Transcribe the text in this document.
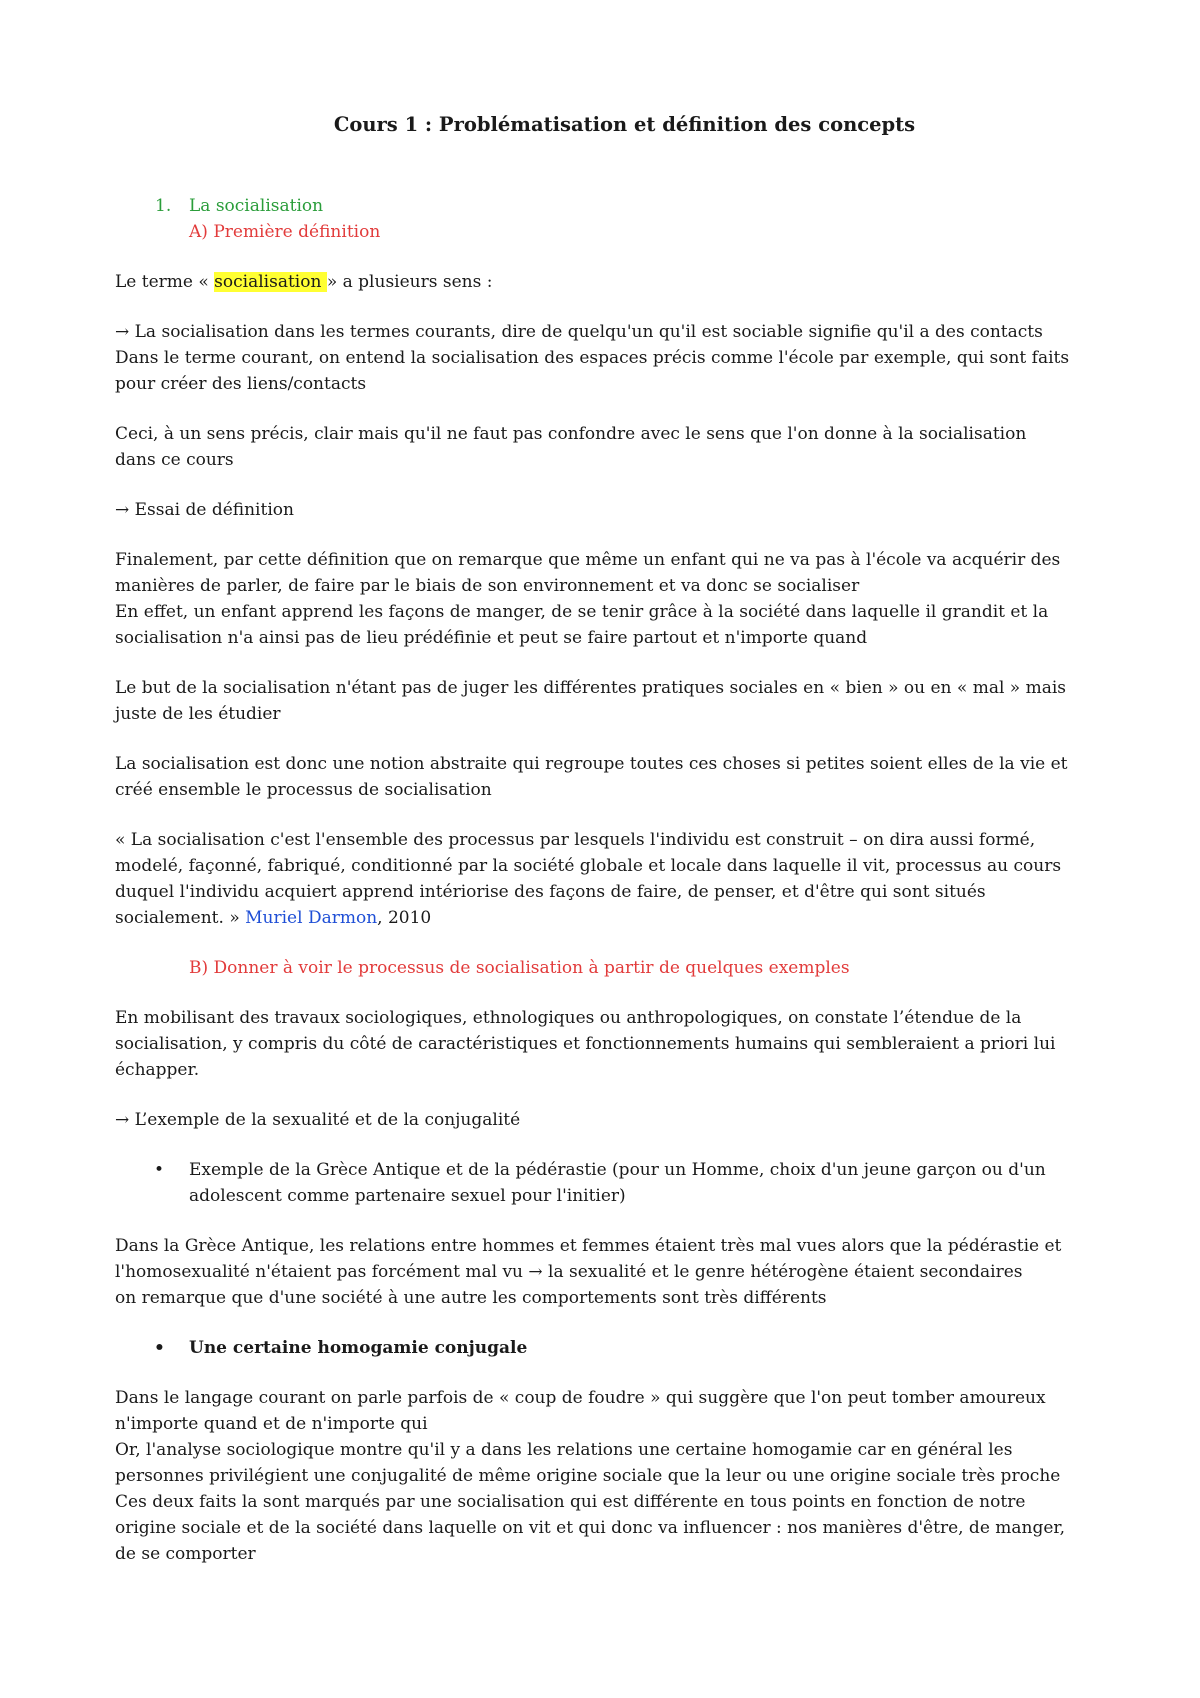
Cours 1 : Problématisation et définition des concepts
1. La socialisation

A) Première définition

Le terme « socialisation » a plusieurs sens :

→ La socialisation dans les termes courants, dire de quelqu'un qu'il est sociable signifie qu'il a des contacts
Dans le terme courant, on entend la socialisation des espaces précis comme l'école par exemple, qui sont faits
pour créer des liens/contacts

Ceci, à un sens précis, clair mais qu'il ne faut pas confondre avec le sens que l'on donne à la socialisation
dans ce cours

→ Essai de définition

Finalement, par cette définition que on remarque que même un enfant qui ne va pas à l'école va acquérir des
manières de parler, de faire par le biais de son environnement et va donc se socialiser
En effet, un enfant apprend les façons de manger, de se tenir grâce à la société dans laquelle il grandit et la
socialisation n'a ainsi pas de lieu prédéfinie et peut se faire partout et n'importe quand

Le but de la socialisation n'étant pas de juger les différentes pratiques sociales en « bien » ou en « mal » mais
juste de les étudier

La socialisation est donc une notion abstraite qui regroupe toutes ces choses si petites soient elles de la vie et
créé ensemble le processus de socialisation

« La socialisation c'est l'ensemble des processus par lesquels l'individu est construit – on dira aussi formé,
modelé, façonné, fabriqué, conditionné par la société globale et locale dans laquelle il vit, processus au cours
duquel l'individu acquiert apprend intériorise des façons de faire, de penser, et d'être qui sont situés
socialement. » Muriel Darmon, 2010

B) Donner à voir le processus de socialisation à partir de quelques exemples

En mobilisant des travaux sociologiques, ethnologiques ou anthropologiques, on constate l’étendue de la
socialisation, y compris du côté de caractéristiques et fonctionnements humains qui sembleraient a priori lui
échapper.

→ L’exemple de la sexualité et de la conjugalité

• Exemple de la Grèce Antique et de la pédérastie (pour un Homme, choix d'un jeune garçon ou d'un
adolescent comme partenaire sexuel pour l'initier)

Dans la Grèce Antique, les relations entre hommes et femmes étaient très mal vues alors que la pédérastie et
l'homosexualité n'étaient pas forcément mal vu → la sexualité et le genre hétérogène étaient secondaires
on remarque que d'une société à une autre les comportements sont très différents

• Une certaine homogamie conjugale

Dans le langage courant on parle parfois de « coup de foudre » qui suggère que l'on peut tomber amoureux
n'importe quand et de n'importe qui
Or, l'analyse sociologique montre qu'il y a dans les relations une certaine homogamie car en général les
personnes privilégient une conjugalité de même origine sociale que la leur ou une origine sociale très proche
Ces deux faits la sont marqués par une socialisation qui est différente en tous points en fonction de notre
origine sociale et de la société dans laquelle on vit et qui donc va influencer : nos manières d'être, de manger,
de se comporter
